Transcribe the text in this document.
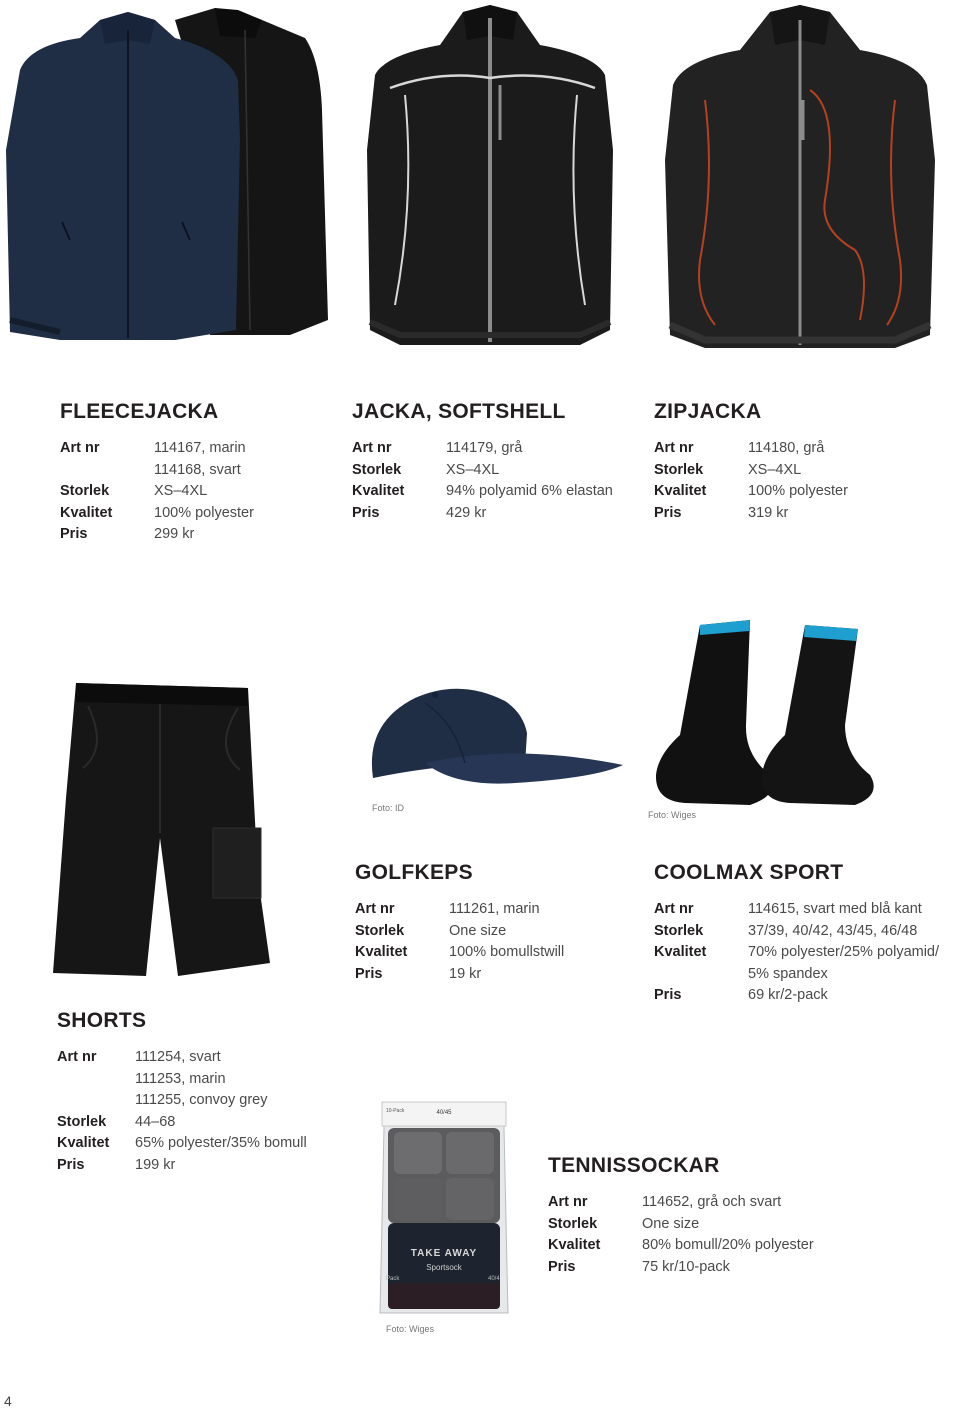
FLEECEJACKA
Art nr	114167, marin
114168, svart
Storlek	XS–4XL
Kvalitet	100% polyester
Pris	299 kr
JACKA, SOFTSHELL
Art nr	114179, grå
Storlek	XS–4XL
Kvalitet	94% polyamid 6% elastan
Pris	429 kr
ZIPJACKA
Art nr	114180, grå
Storlek	XS–4XL
Kvalitet	100% polyester
Pris	319 kr
SHORTS
Art nr	111254, svart
111253, marin
111255, convoy grey
Storlek	44–68
Kvalitet	65% polyester/35% bomull
Pris	199 kr
Foto: ID
Foto: Wiges
GOLFKEPS
Art nr	111261, marin
Storlek	One size
Kvalitet	100% bomullstwill
Pris	19 kr
COOLMAX SPORT
Art nr	114615, svart med blå kant
Storlek	37/39, 40/42, 43/45, 46/48
Kvalitet	70% polyester/25% polyamid/
5% spandex
Pris	69 kr/2-pack
40/45
10-Pack
TAKE AWAY
Sportsock
Pack	40/4
Foto: Wiges
TENNISSOCKAR
Art nr	114652, grå och svart
Storlek	One size
Kvalitet	80% bomull/20% polyester
Pris	75 kr/10-pack
4
